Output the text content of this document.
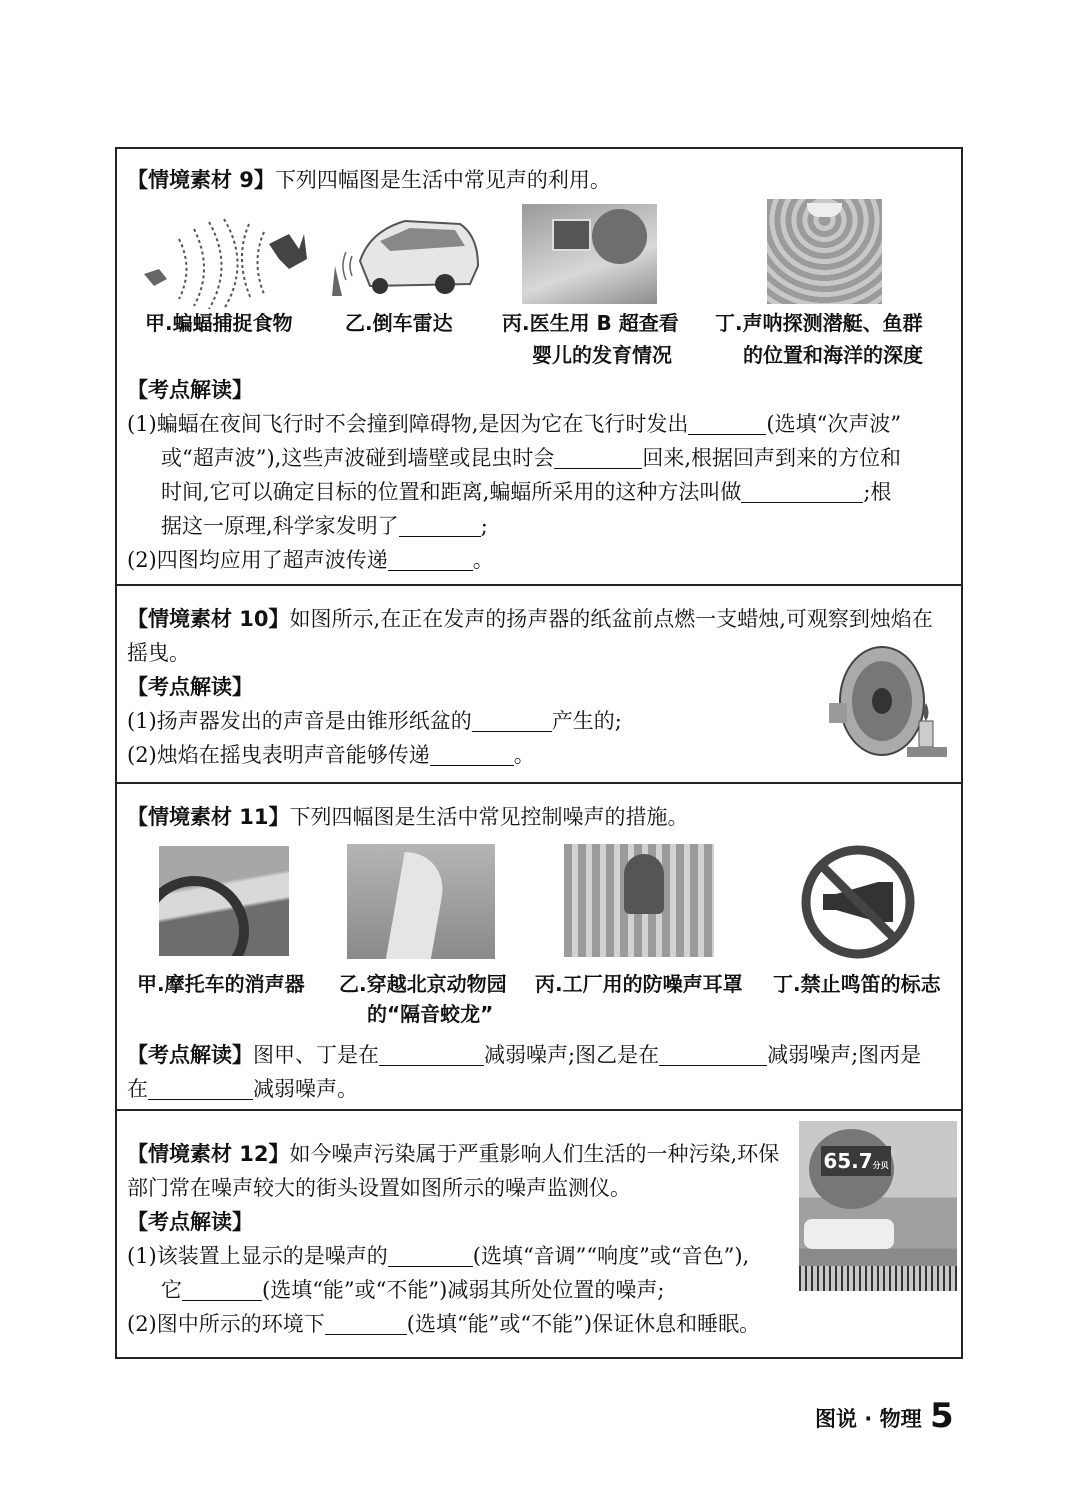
【情境素材 9】下列四幅图是生活中常见声的利用。
甲.蝙蝠捕捉食物	乙.倒车雷达 丙.医生用 B 超查看
婴儿的发育情况
丁.声呐探测潜艇、鱼群
的位置和海洋的深度
【考点解读】
(1)蝙蝠在夜间飞行时不会撞到障碍物,是因为它在飞行时发出	(选填“次声波”
或“超声波”),这些声波碰到墙壁或昆虫时会	回来,根据回声到来的方位和
时间,它可以确定目标的位置和距离,蝙蝠所采用的这种方法叫做	;根
据这一原理,科学家发明了	;
(2)四图均应用了超声波传递	。
【情境素材 10】如图所示,在正在发声的扬声器的纸盆前点燃一支蜡烛,可观察到烛焰在
摇曳。
【考点解读】
(1)扬声器发出的声音是由锥形纸盆的	产生的;
(2)烛焰在摇曳表明声音能够传递	。
【情境素材 11】下列四幅图是生活中常见控制噪声的措施。
甲.摩托车的消声器 乙.穿越北京动物园
的“隔音蛟龙”
丙.工厂用的防噪声耳罩 丁.禁止鸣笛的标志
【考点解读】图甲、丁是在	减弱噪声;图乙是在	减弱噪声;图丙是
在	减弱噪声。
【情境素材 12】如今噪声污染属于严重影响人们生活的一种污染,环保
部门常在噪声较大的街头设置如图所示的噪声监测仪。
【考点解读】
(1)该装置上显示的是噪声的	(选填“音调”“响度”或“音色”),
它	(选填“能”或“不能”)减弱其所处位置的噪声;
(2)图中所示的环境下	(选填“能”或“不能”)保证休息和睡眠。
65.7分贝
图说 · 物理 5
